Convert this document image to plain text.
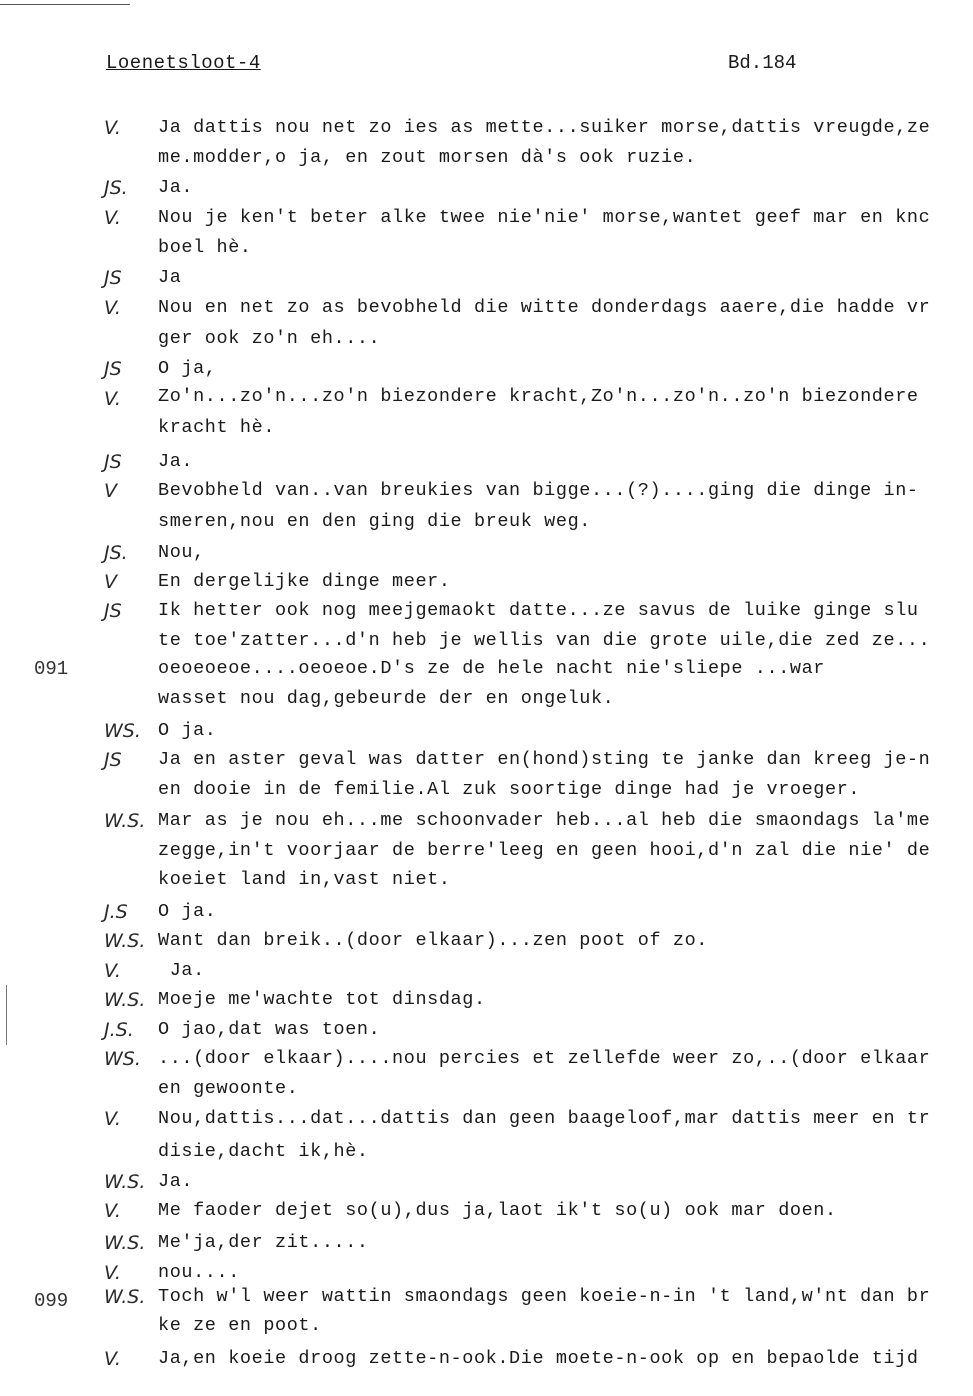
Loenetsloot-4	Bd.184
091
099
V.	Ja dattis nou net zo ies as mette...suiker morse,dattis vreugde,ze
me.modder,o ja, en zout morsen dà's ook ruzie.
JS.	Ja.
V.	Nou je ken't beter alke twee nie'nie' morse,wantet geef mar en knc
boel hè.
JS	Ja
V.	Nou en net zo as bevobheld die witte donderdags aaere,die hadde vr
ger ook zo'n eh....
JS	O ja,
V.	Zo'n...zo'n...zo'n biezondere kracht,Zo'n...zo'n..zo'n biezondere
kracht hè.
JS	Ja.
V	Bevobheld van..van breukies van bigge...(?)....ging die dinge in-
smeren,nou en den ging die breuk weg.
JS.	Nou,
V	En dergelijke dinge meer.
JS	Ik hetter ook nog meejgemaokt datte...ze savus de luike ginge slu
te toe'zatter...d'n heb je wellis van die grote uile,die zed ze...
oeoeoeoe....oeoeoe.D's ze de hele nacht nie'sliepe ...war
wasset nou dag,gebeurde der en ongeluk.
WS. O ja.
JS	Ja en aster geval was datter en(hond)sting te janke dan kreeg je-n
en dooie in de femilie.Al zuk soortige dinge had je vroeger.
W.S. Mar as je nou eh...me schoonvader heb...al heb die smaondags la'me
zegge,in't voorjaar de berre'leeg en geen hooi,d'n zal die nie' de
koeiet land in,vast niet.
J.S	O ja.
W.S. Want dan breik..(door elkaar)...zen poot of zo.
V.	Ja.
W.S. Moeje me'wachte tot dinsdag.
J.S.	O jao,dat was toen.
WS. ...(door elkaar)....nou percies et zellefde weer zo,..(door elkaar
en gewoonte.
V.	Nou,dattis...dat...dattis dan geen baageloof,mar dattis meer en tr
disie,dacht ik,hè.
W.S. Ja.
V.	Me faoder dejet so(u),dus ja,laot ik't so(u) ook mar doen.
W.S. Me'ja,der zit.....
V.	nou....
W.S. Toch w'l weer wattin smaondags geen koeie-n-in 't land,w'nt dan br
ke ze en poot.
V.	Ja,en koeie droog zette-n-ook.Die moete-n-ook op en bepaolde tijd
